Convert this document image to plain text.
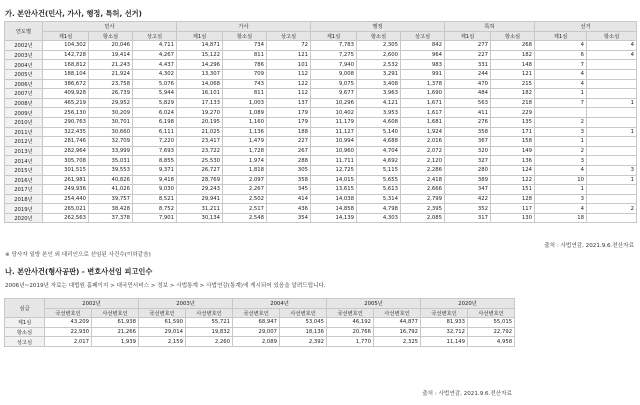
가. 본안사건(민사, 가사, 행정, 특허, 선거)
연도별	민사			가사			행정			특허		선거	
	제1심	항소심	상고심	제1심	항소심	상고심	제1심	항소심	상고심	제1심	항소심	제1심	항소심
2002년	104,302	20,046	4,711	14,871	734	72	7,783	2,305	842	277	268	4	4
2003년	142,728	19,414	4,267	15,122	811	121	7,275	2,600	964	227	182	6	4
2004년	168,812	21,243	4,437	14,296	786	101	7,940	2,532	983	331	148	7	
2005년	188,104	21,924	4,302	13,307	709	112	9,008	3,291	991	244	121	4	
2006년	386,672	23,758	5,076	14,068	743	122	9,075	3,408	1,378	470	215	4	
2007년	409,928	26,739	5,944	16,101	811	112	9,677	3,963	1,690	484	182	1	
2008년	465,219	29,952	5,829	17,133	1,003	137	10,296	4,121	1,671	563	218	7	1
2009년	256,130	30,209	6,024	19,270	1,089	179	10,402	3,953	1,617	411	229		
2010년	290,763	30,701	6,198	20,195	1,160	179	11,179	4,608	1,681	276	135	2	
2011년	322,435	30,660	6,111	21,025	1,136	188	11,127	5,140	1,924	358	171	3	1
2012년	281,746	32,709	7,220	23,417	1,479	227	10,994	4,688	2,016	367	158	1	
2013년	282,964	33,999	7,693	23,722	1,728	267	10,960	4,704	2,072	320	149	2	
2014년	305,708	35,031	8,855	25,530	1,974	288	11,711	4,692	2,120	327	136	3	
2015년	301,515	39,553	9,371	26,727	1,818	305	12,725	5,115	2,286	280	124	4	3
2016년	261,981	40,826	9,418	28,769	2,097	358	14,015	5,655	2,418	389	122	10	1
2017년	249,936	41,026	9,030	29,243	2,267	345	13,615	5,613	2,666	347	151	1	
2018년	254,440	39,757	8,521	29,941	2,502	414	14,038	5,314	2,799	422	128	3	
2019년	265,021	38,428	8,752	31,211	2,517	436	14,858	4,798	2,395	352	117	4	2
2020년	262,563	37,378	7,901	30,134	2,548	354	14,139	4,303	2,085	317	130	18	
※ 당사자 일방 본인 외 대리인으로 선임된 사건수(이하같음)
출처 : 사법연감, 2021.9.6.전산자료
나. 본안사건(형사공판) - 변호사선임 피고인수
2006년~2019년 자료는 대법원 홈페이지 > 대국민서비스 > 정보 > 사법통계 > 사법연감(통계)에 게시되어 있음을 알려드립니다.
심급	2002년		2003년		2004년		2005년		2020년	
	국선변호인	사선변호인	국선변호인	사선변호인	국선변호인	사선변호인	국선변호인	사선변호인	국선변호인	사선변호인
제1심	43,209	61,938	61,590	55,721	68,947	53,045	46,192	44,877	81,933	55,015
항소심	22,930	21,266	29,014	19,832	29,007	18,136	20,766	16,792	32,712	22,792
상고심	2,017	1,939	2,159	2,260	2,089	2,392	1,770	2,325	11,149	4,958
출처 : 사법연감, 2021.9.6.전산자료
